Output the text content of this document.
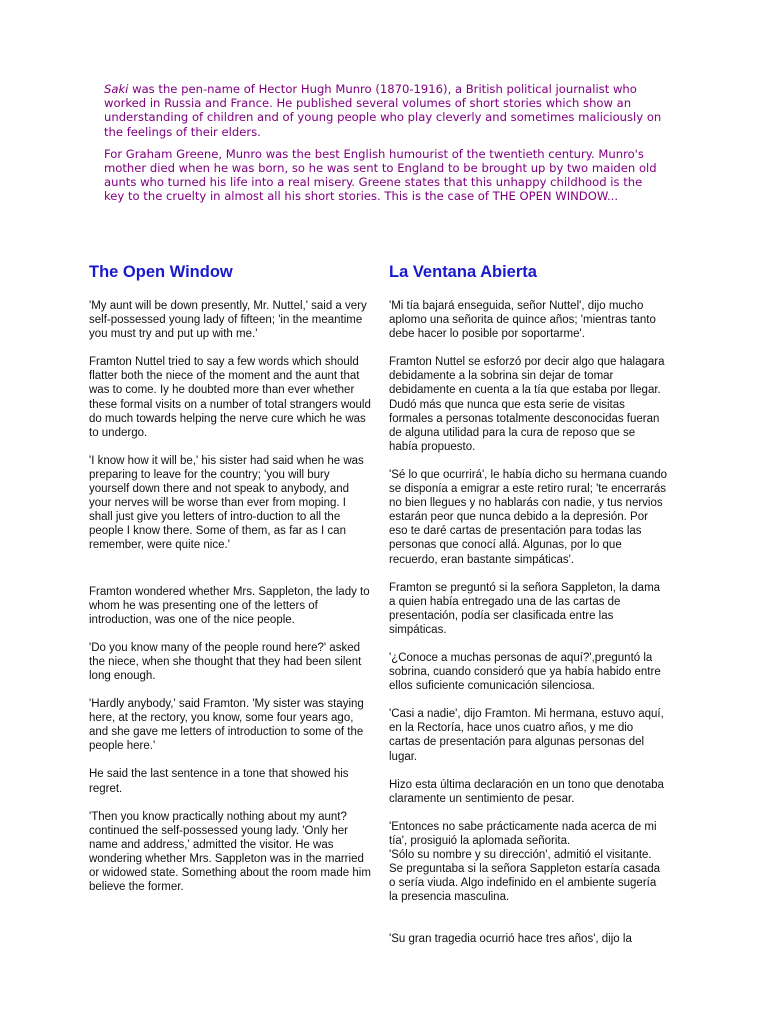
Saki was the pen-name of Hector Hugh Munro (1870-1916), a British political journalist who worked in Russia and France. He published several volumes of short stories which show an understanding of children and of young people who play cleverly and sometimes maliciously on the feelings of their elders.

For Graham Greene, Munro was the best English humourist of the twentieth century. Munro's mother died when he was born, so he was sent to England to be brought up by two maiden old aunts who turned his life into a real misery. Greene states that this unhappy childhood is the key to the cruelty in almost all his short stories. This is the case of THE OPEN WINDOW...

The Open Window

'My aunt will be down presently, Mr. Nuttel,' said a very self-possessed young lady of fifteen; 'in the meantime you must try and put up with me.'

Framton Nuttel tried to say a few words which should flatter both the niece of the moment and the aunt that was to come. Iy he doubted more than ever whether these formal visits on a number of total strangers would do much towards helping the nerve cure which he was to undergo.

'I know how it will be,' his sister had said when he was preparing to leave for the country; 'you will bury yourself down there and not speak to anybody, and your nerves will be worse than ever from moping. I shall just give you letters of intro-duction to all the people I know there. Some of them, as far as I can remember, were quite nice.'

Framton wondered whether Mrs. Sappleton, the lady to whom he was presenting one of the letters of introduction, was one of the nice people.

'Do you know many of the people round here?' asked the niece, when she thought that they had been silent long enough.

'Hardly anybody,' said Framton. 'My sister was staying here, at the rectory, you know, some four years ago, and she gave me letters of introduction to some of the people here.'

He said the last sentence in a tone that showed his regret.

'Then you know practically nothing about my aunt? continued the self-possessed young lady. 'Only her name and address,' admitted the visitor. He was wondering whether Mrs. Sappleton was in the married or widowed state. Something about the room made him believe the former.

La Ventana Abierta

'Mi tía bajará enseguida, señor Nuttel', dijo mucho aplomo una señorita de quince años; 'mientras tanto debe hacer lo posible por soportarme'.

Framton Nuttel se esforzó por decir algo que halagara debidamente a la sobrina sin dejar de tomar debidamente en cuenta a la tía que estaba por llegar. Dudó más que nunca que esta serie de visitas formales a personas totalmente desconocidas fueran de alguna utilidad para la cura de reposo que se había propuesto.

'Sé lo que ocurrirá', le había dicho su hermana cuando se disponía a emigrar a este retiro rural; 'te encerrarás no bien llegues y no hablarás con nadie, y tus nervios estarán peor que nunca debido a la depresión. Por eso te daré cartas de presentación para todas las personas que conocí allá. Algunas, por lo que recuerdo, eran bastante simpáticas'.

Framton se preguntó si la señora Sappleton, la dama a quien había entregado una de las cartas de presentación, podía ser clasificada entre las simpáticas.

'¿Conoce a muchas personas de aquí?',preguntó la sobrina, cuando consideró que ya había habido entre ellos suficiente comunicación silenciosa.

'Casi a nadie', dijo Framton. Mi hermana, estuvo aquí, en la Rectoría, hace unos cuatro años, y me dio cartas de presentación para algunas personas del lugar.

Hizo esta última declaración en un tono que denotaba claramente un sentimiento de pesar.

'Entonces no sabe prácticamente nada acerca de mi tía', prosiguió la aplomada señorita.

'Sólo su nombre y su dirección', admitió el visitante. Se preguntaba si la señora Sappleton estaría casada o sería viuda. Algo indefinido en el ambiente sugería la presencia masculina.

'Su gran tragedia ocurrió hace tres años', dijo la
